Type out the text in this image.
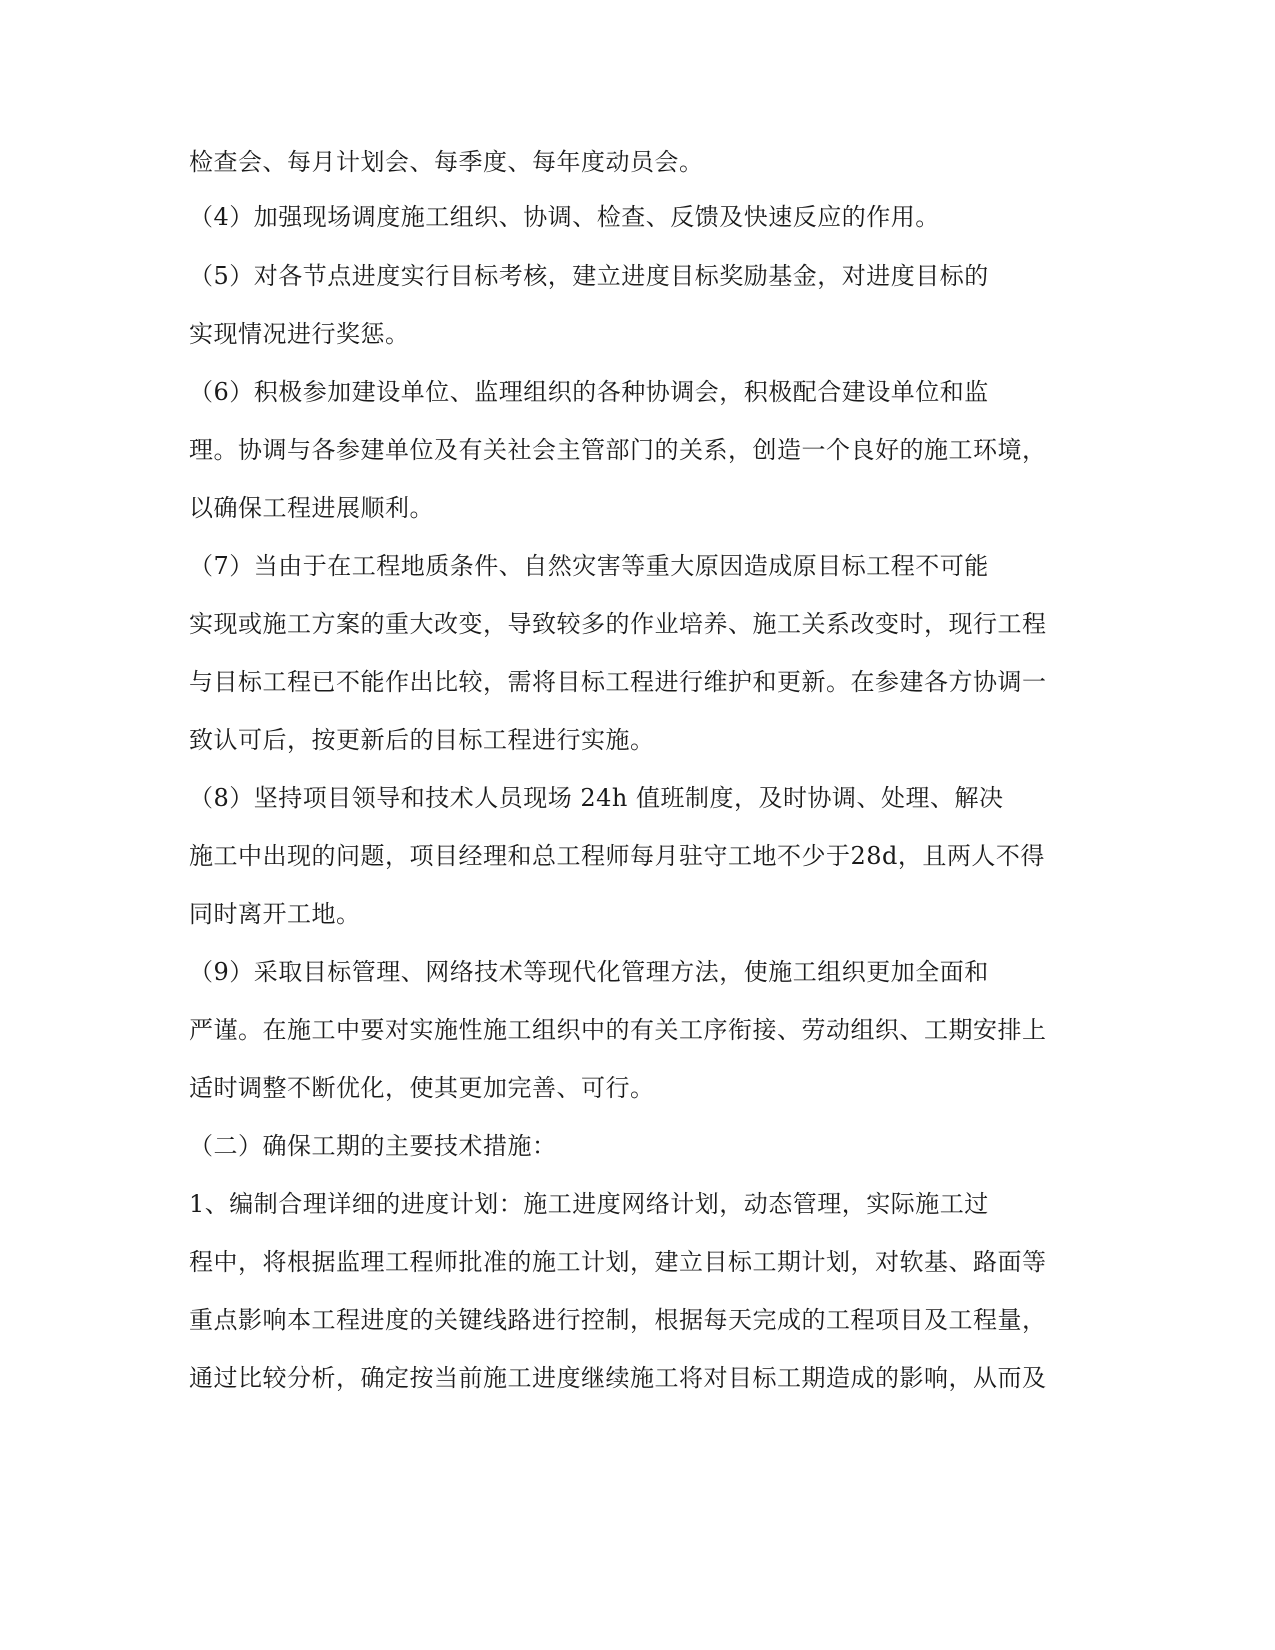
检查会、每月计划会、每季度、每年度动员会。
（4）加强现场调度施工组织、协调、检查、反馈及快速反应的作用。
（5）对各节点进度实行目标考核，建立进度目标奖励基金，对进度目标的
实现情况进行奖惩。
（6）积极参加建设单位、监理组织的各种协调会，积极配合建设单位和监
理。协调与各参建单位及有关社会主管部门的关系，创造一个良好的施工环境，
以确保工程进展顺利。
（7）当由于在工程地质条件、自然灾害等重大原因造成原目标工程不可能
实现或施工方案的重大改变，导致较多的作业培养、施工关系改变时，现行工程
与目标工程已不能作出比较，需将目标工程进行维护和更新。在参建各方协调一
致认可后，按更新后的目标工程进行实施。
（8）坚持项目领导和技术人员现场 24h 值班制度，及时协调、处理、解决
施工中出现的问题，项目经理和总工程师每月驻守工地不少于28d，且两人不得
同时离开工地。
（9）采取目标管理、网络技术等现代化管理方法，使施工组织更加全面和
严谨。在施工中要对实施性施工组织中的有关工序衔接、劳动组织、工期安排上
适时调整不断优化，使其更加完善、可行。
（二）确保工期的主要技术措施：
1、编制合理详细的进度计划：施工进度网络计划，动态管理，实际施工过
程中，将根据监理工程师批准的施工计划，建立目标工期计划，对软基、路面等
重点影响本工程进度的关键线路进行控制，根据每天完成的工程项目及工程量，
通过比较分析，确定按当前施工进度继续施工将对目标工期造成的影响，从而及
